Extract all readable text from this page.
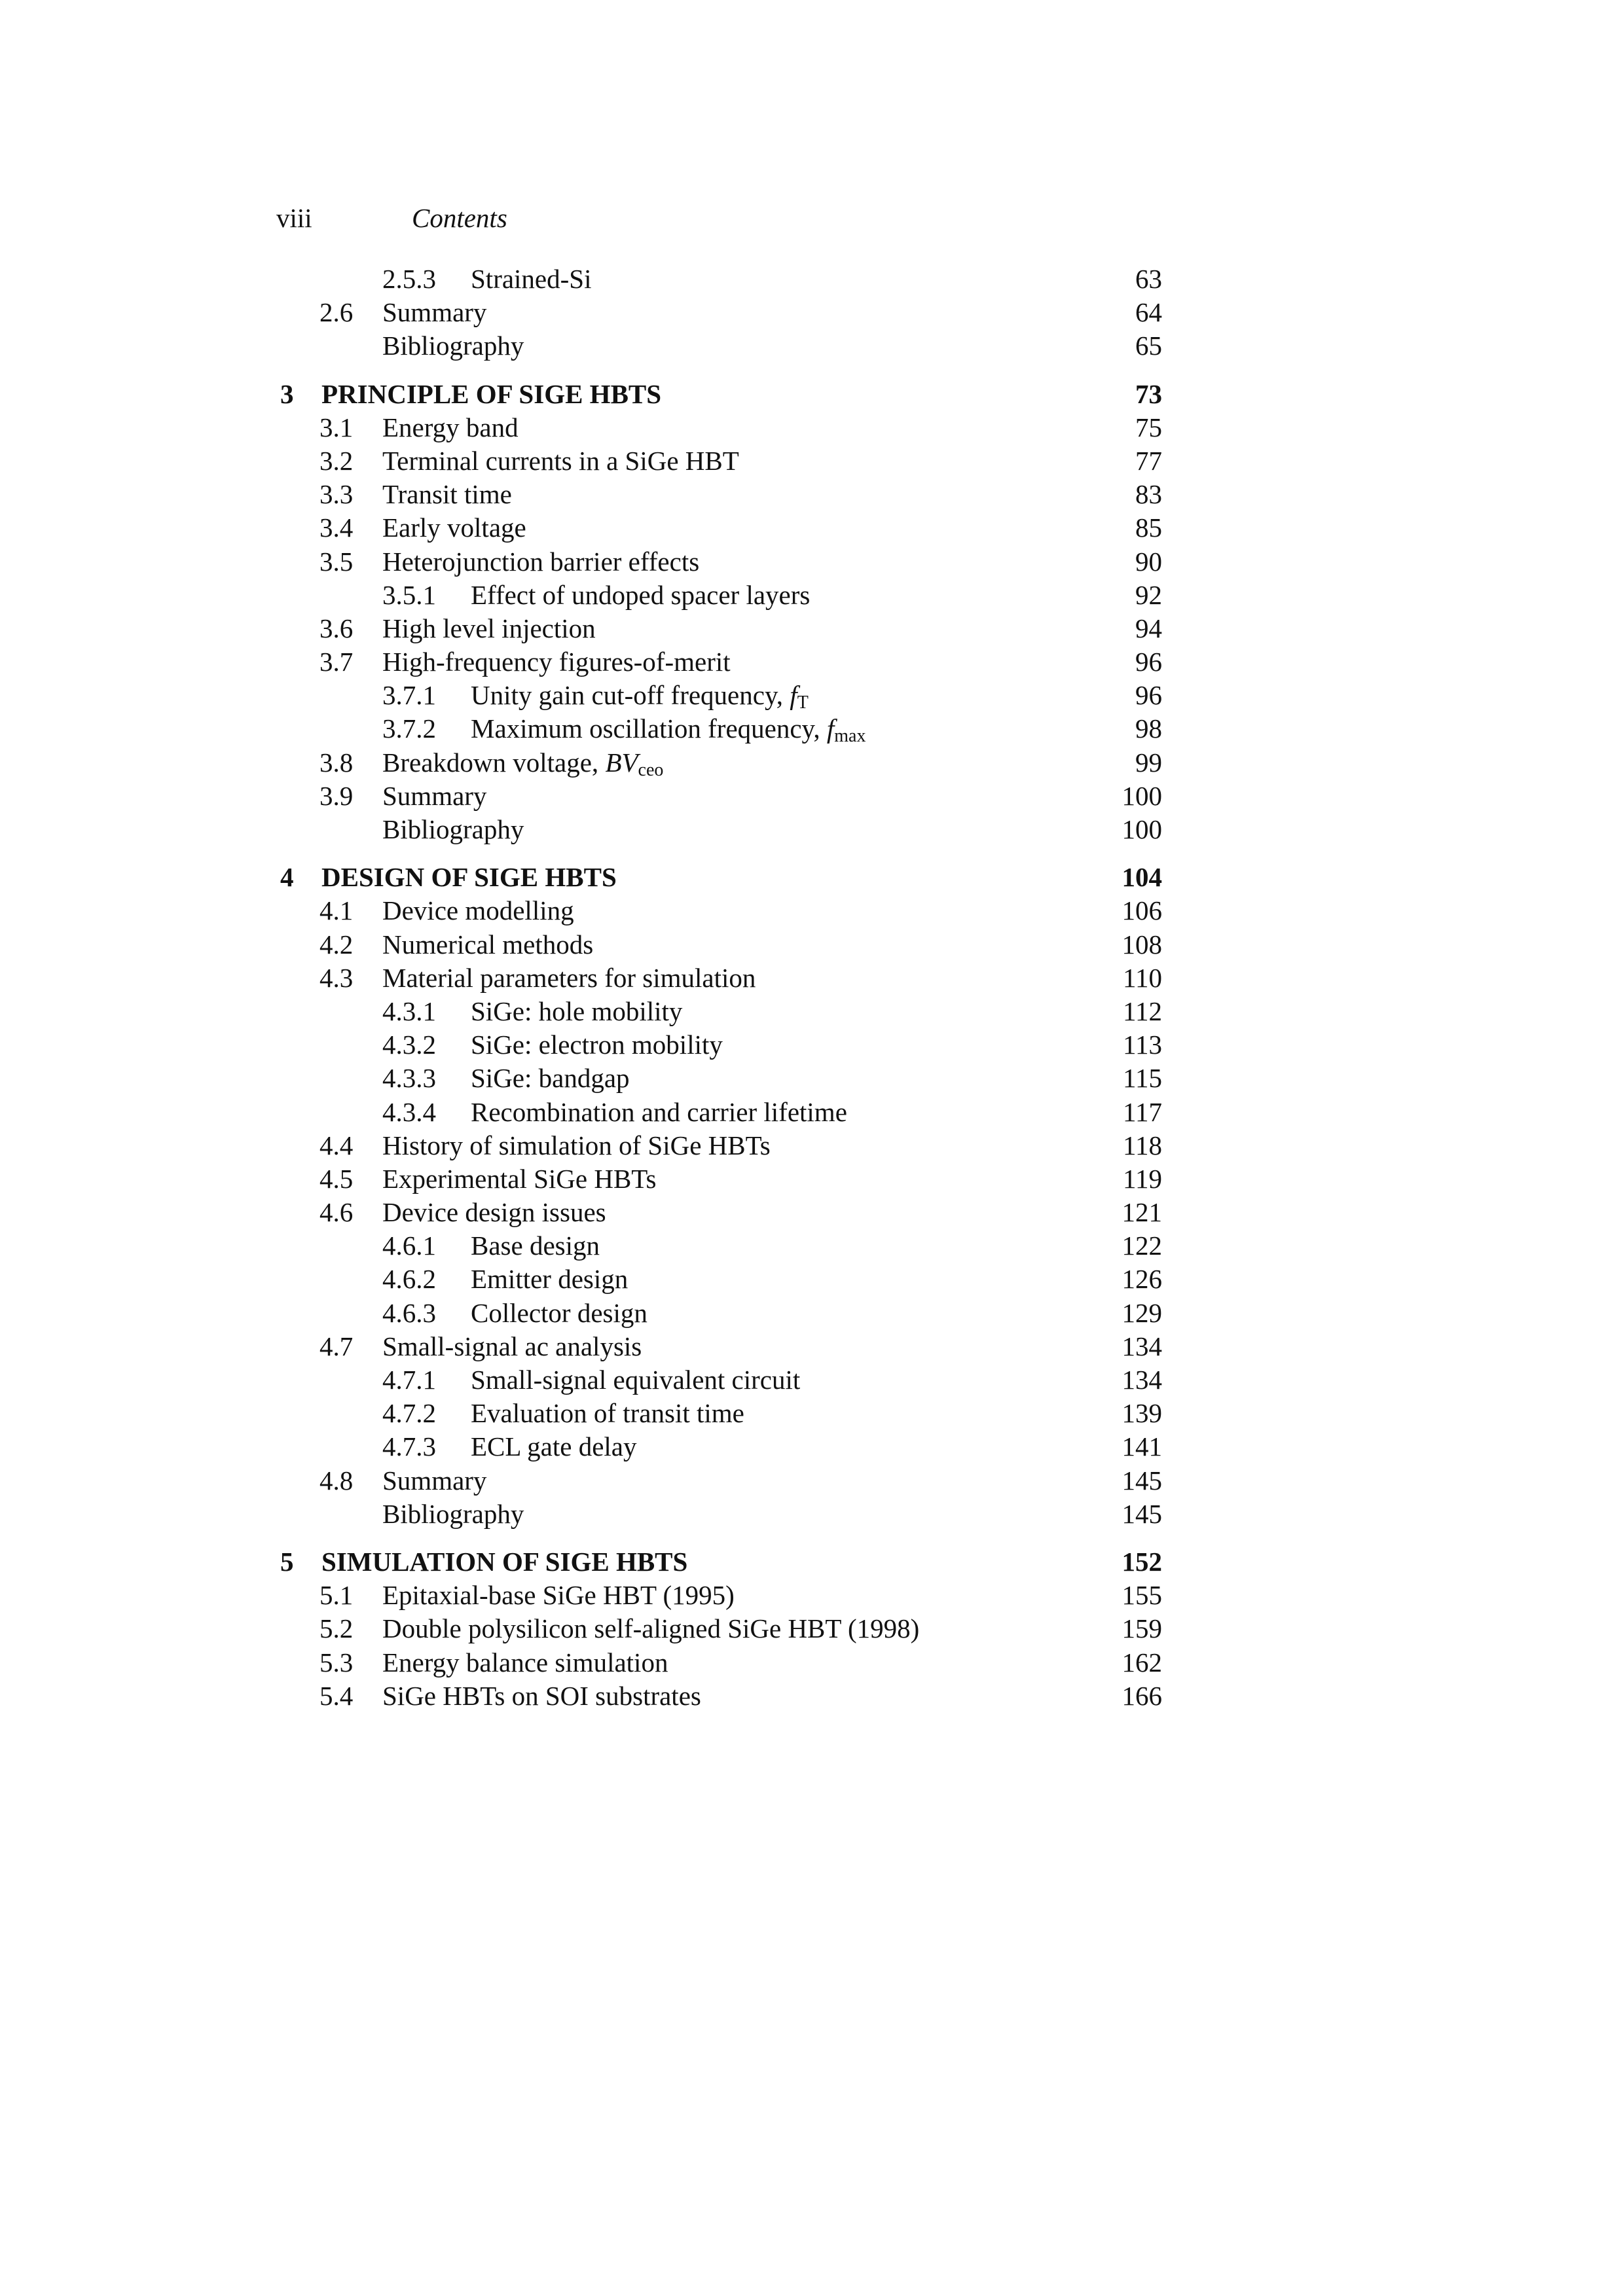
viii	Contents
2.5.3 Strained-Si	63
2.6 Summary	64
Bibliography	65
3 PRINCIPLE OF SIGE HBTS	73
3.1 Energy band	75
3.2 Terminal currents in a SiGe HBT	77
3.3 Transit time	83
3.4 Early voltage	85
3.5 Heterojunction barrier effects	90
3.5.1 Effect of undoped spacer layers	92
3.6 High level injection	94
3.7 High-frequency figures-of-merit	96
3.7.1 Unity gain cut-off frequency, $f_T$	96
3.7.2 Maximum oscillation frequency, $f_{max}$	98
3.8 Breakdown voltage, $BV_{ceo}$	99
3.9 Summary	100
Bibliography	100
4 DESIGN OF SIGE HBTS	104
4.1 Device modelling	106
4.2 Numerical methods	108
4.3 Material parameters for simulation	110
4.3.1 SiGe: hole mobility	112
4.3.2 SiGe: electron mobility	113
4.3.3 SiGe: bandgap	115
4.3.4 Recombination and carrier lifetime	117
4.4 History of simulation of SiGe HBTs	118
4.5 Experimental SiGe HBTs	119
4.6 Device design issues	121
4.6.1 Base design	122
4.6.2 Emitter design	126
4.6.3 Collector design	129
4.7 Small-signal ac analysis	134
4.7.1 Small-signal equivalent circuit	134
4.7.2 Evaluation of transit time	139
4.7.3 ECL gate delay	141
4.8 Summary	145
Bibliography	145
5 SIMULATION OF SIGE HBTS	152
5.1 Epitaxial-base SiGe HBT (1995)	155
5.2 Double polysilicon self-aligned SiGe HBT (1998)	159
5.3 Energy balance simulation	162
5.4 SiGe HBTs on SOI substrates	166
